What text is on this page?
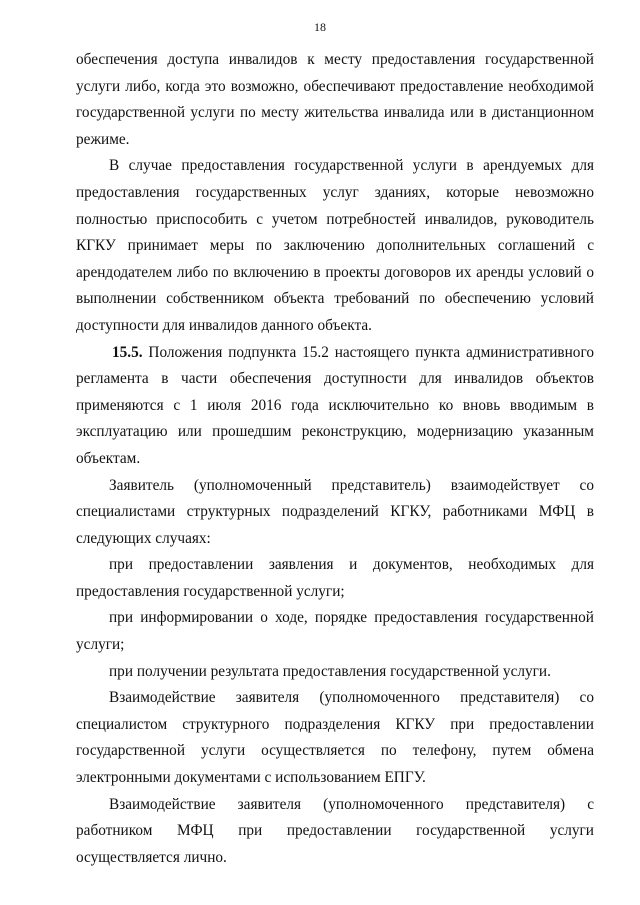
18

обеспечения доступа инвалидов к месту предоставления государственной услуги либо, когда это возможно, обеспечивают предоставление необходимой государственной услуги по месту жительства инвалида или в дистанционном режиме.

В случае предоставления государственной услуги в арендуемых для предоставления государственных услуг зданиях, которые невозможно полностью приспособить с учетом потребностей инвалидов, руководитель КГКУ принимает меры по заключению дополнительных соглашений с арендодателем либо по включению в проекты договоров их аренды условий о выполнении собственником объекта требований по обеспечению условий доступности для инвалидов данного объекта.

15.5. Положения подпункта 15.2 настоящего пункта административного регламента в части обеспечения доступности для инвалидов объектов применяются с 1 июля 2016 года исключительно ко вновь вводимым в эксплуатацию или прошедшим реконструкцию, модернизацию указанным объектам.

Заявитель (уполномоченный представитель) взаимодействует со специалистами структурных подразделений КГКУ, работниками МФЦ в следующих случаях:

при предоставлении заявления и документов, необходимых для предоставления государственной услуги;

при информировании о ходе, порядке предоставления государственной услуги;

при получении результата предоставления государственной услуги.

Взаимодействие заявителя (уполномоченного представителя) со специалистом структурного подразделения КГКУ при предоставлении государственной услуги осуществляется по телефону, путем обмена электронными документами с использованием ЕПГУ.

Взаимодействие заявителя (уполномоченного представителя) с работником МФЦ при предоставлении государственной услуги осуществляется лично.
